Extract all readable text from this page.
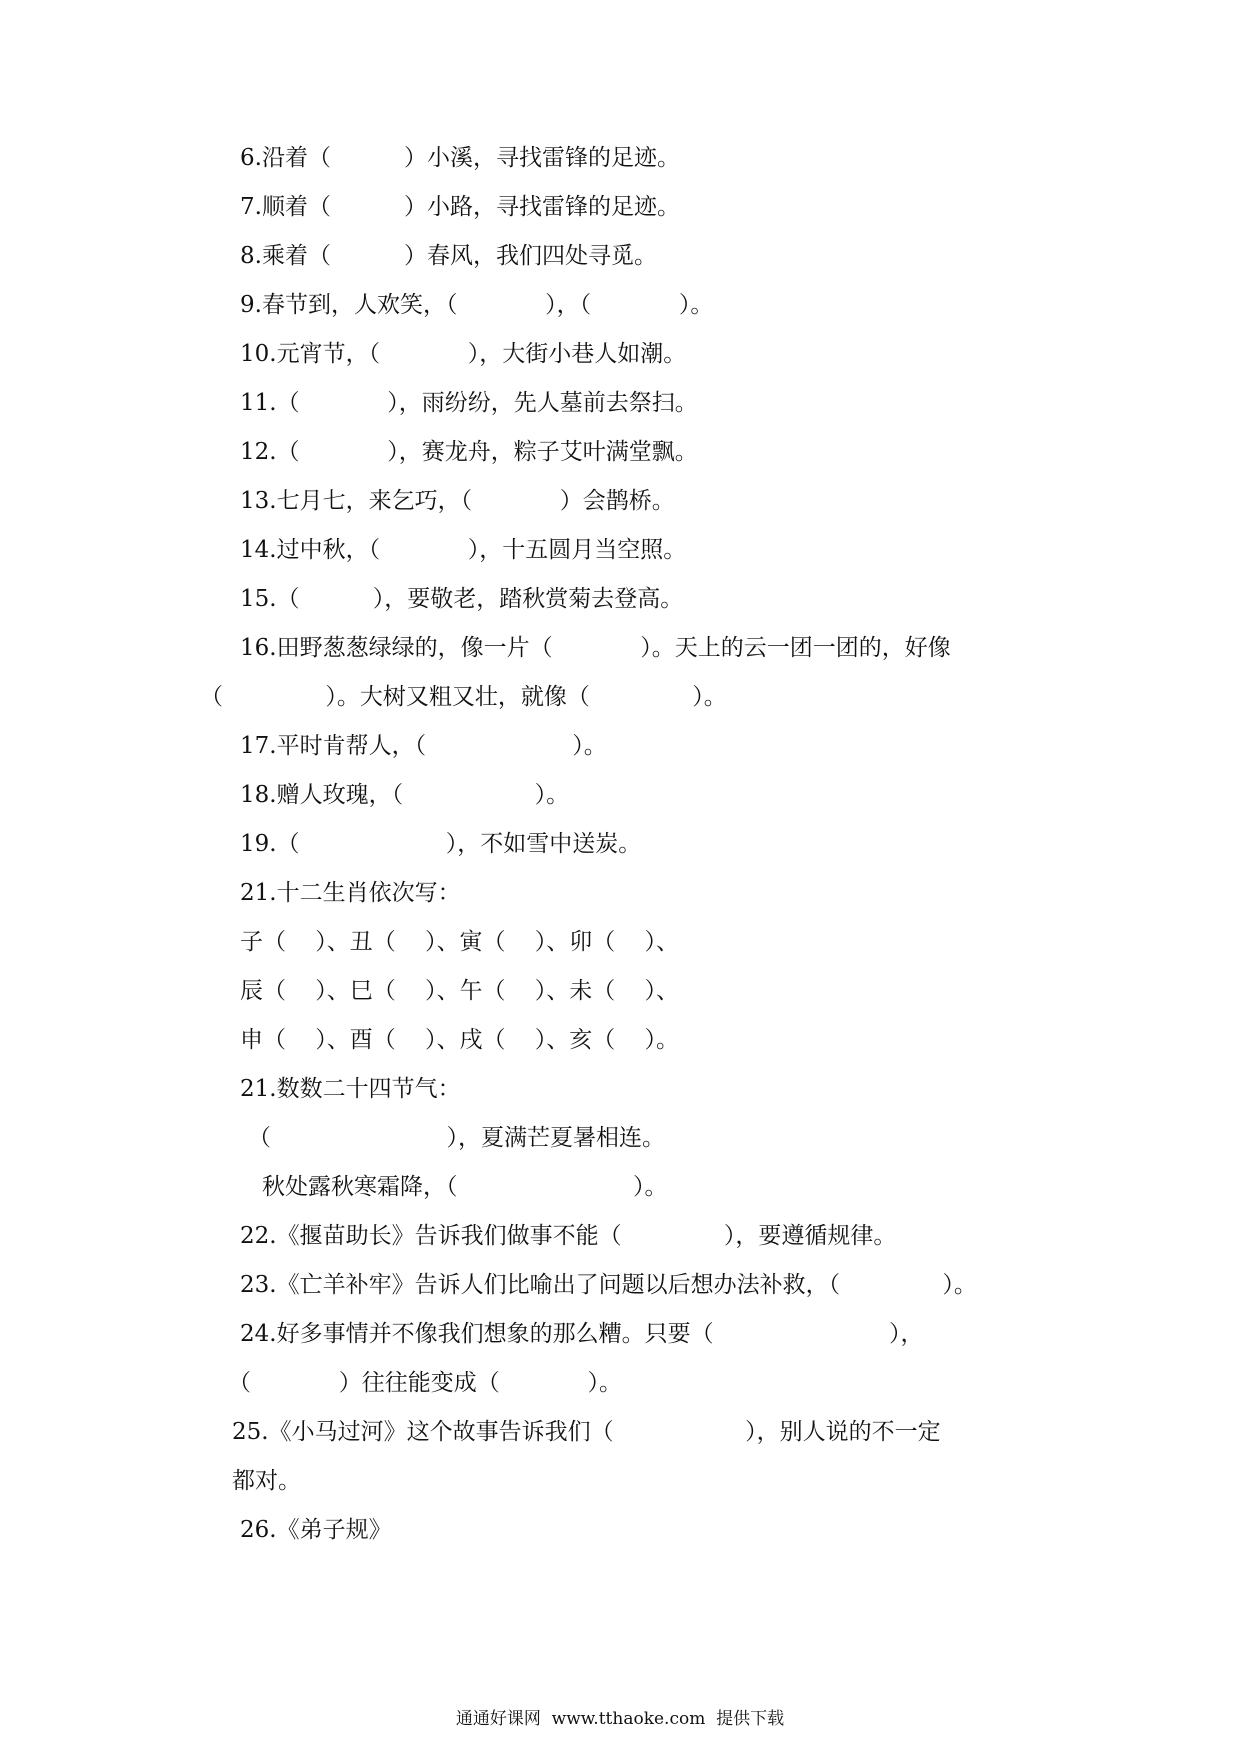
6.沿着（          ）小溪，寻找雷锋的足迹。
7.顺着（          ）小路，寻找雷锋的足迹。
8.乘着（          ）春风，我们四处寻觅。
9.春节到，人欢笑，（            ），（            ）。
10.元宵节，（            ），大街小巷人如潮。
11.（            ），雨纷纷，先人墓前去祭扫。
12.（            ），赛龙舟，粽子艾叶满堂飘。
13.七月七，来乞巧，（            ）会鹊桥。
14.过中秋，（            ），十五圆月当空照。
15.（          ），要敬老，踏秋赏菊去登高。
16.田野葱葱绿绿的，像一片（            ）。天上的云一团一团的，好像
（              ）。大树又粗又壮，就像（              ）。
17.平时肯帮人，（                    ）。
18.赠人玫瑰，（                  ）。
19.（                    ），不如雪中送炭。
21.十二生肖依次写：
子（    ）、丑（    ）、寅（    ）、卯（    ）、
辰（    ）、巳（    ）、午（    ）、未（    ）、
申（    ）、酉（    ）、戌（    ）、亥（    ）。
21.数数二十四节气：
（                        ），夏满芒夏暑相连。
秋处露秋寒霜降，（                        ）。
22.《揠苗助长》告诉我们做事不能（              ），要遵循规律。
23.《亡羊补牢》告诉人们比喻出了问题以后想办法补救，（              ）。
24.好多事情并不像我们想象的那么糟。只要（                        ），
（            ）往往能变成（            ）。
25.《小马过河》这个故事告诉我们（                  ），别人说的不一定
都对。
26.《弟子规》
通通好课网  www.tthaoke.com  提供下载
